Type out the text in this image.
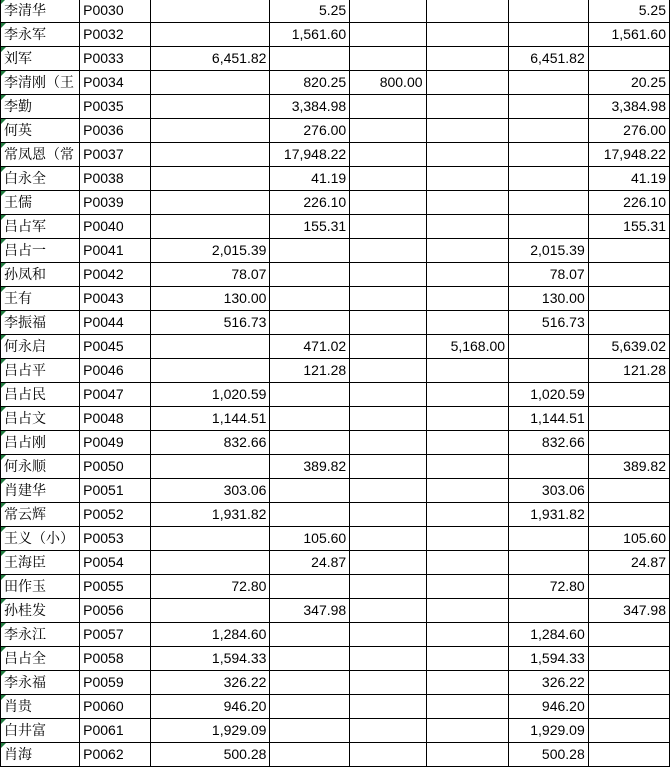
李清华	P0030		5.25				5.25
李永军	P0032		1,561.60				1,561.60
刘军	P0033	6,451.82				6,451.82	
李清刚（王	P0034		820.25	800.00			20.25
李勤	P0035		3,384.98				3,384.98
何英	P0036		276.00				276.00
常凤恩（常	P0037		17,948.22				17,948.22
白永全	P0038		41.19				41.19
王儒	P0039		226.10				226.10
吕占军	P0040		155.31				155.31
吕占一	P0041	2,015.39				2,015.39	
孙凤和	P0042	78.07				78.07	
王有	P0043	130.00				130.00	
李振福	P0044	516.73				516.73	
何永启	P0045		471.02		5,168.00		5,639.02
吕占平	P0046		121.28				121.28
吕占民	P0047	1,020.59				1,020.59	
吕占文	P0048	1,144.51				1,144.51	
吕占刚	P0049	832.66				832.66	
何永顺	P0050		389.82				389.82
肖建华	P0051	303.06				303.06	
常云辉	P0052	1,931.82				1,931.82	
王义（小）	P0053		105.60				105.60
王海臣	P0054		24.87				24.87
田作玉	P0055	72.80				72.80	
孙桂发	P0056		347.98				347.98
李永江	P0057	1,284.60				1,284.60	
吕占全	P0058	1,594.33				1,594.33	
李永福	P0059	326.22				326.22	
肖贵	P0060	946.20				946.20	
白井富	P0061	1,929.09				1,929.09	
肖海	P0062	500.28				500.28	
